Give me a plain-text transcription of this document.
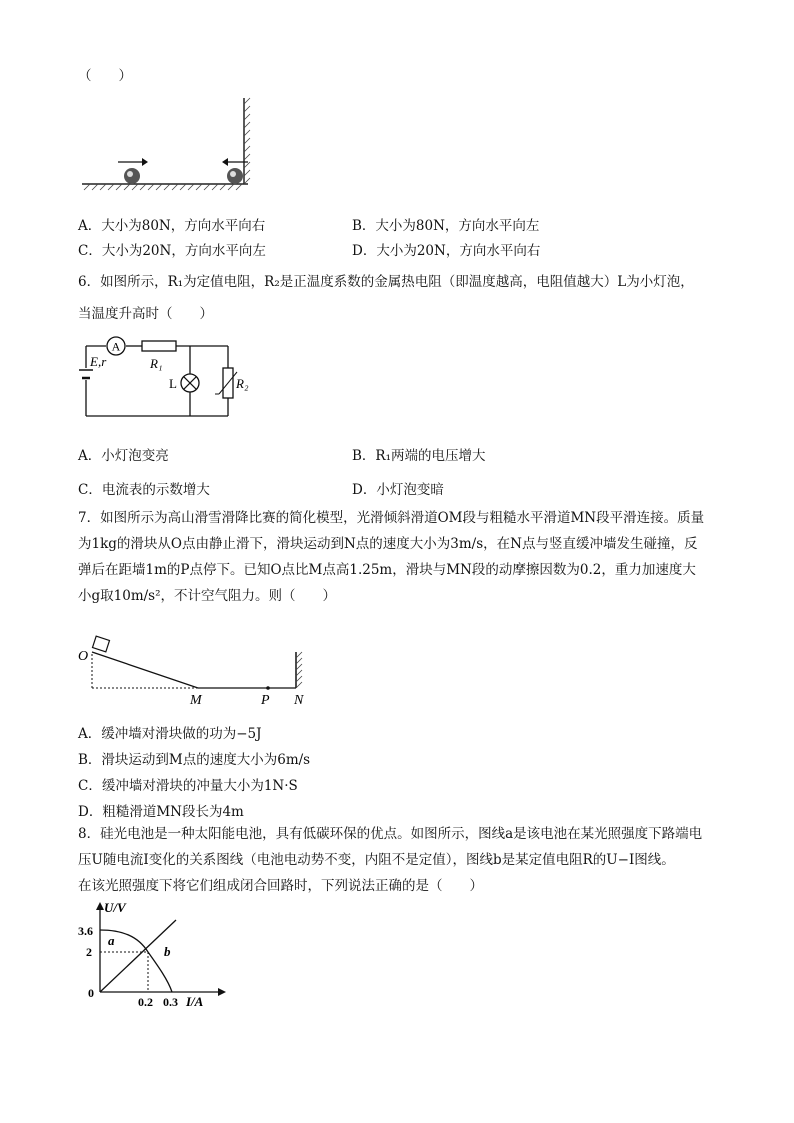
（　　）
A．大小为80N，方向水平向右	B．大小为80N，方向水平向左
C．大小为20N，方向水平向左	D．大小为20N，方向水平向右
6．如图所示，R₁为定值电阻，R₂是正温度系数的金属热电阻（即温度越高，电阻值越大）L为小灯泡，
当温度升高时（　　）
A
R₁
E,r
L	R₂
A．小灯泡变亮	B．R₁两端的电压增大
C．电流表的示数增大	D．小灯泡变暗
7．如图所示为高山滑雪滑降比赛的简化模型，光滑倾斜滑道OM段与粗糙水平滑道MN段平滑连接。质量
为1kg的滑块从O点由静止滑下，滑块运动到N点的速度大小为3m/s，在N点与竖直缓冲墙发生碰撞，反
弹后在距墙1m的P点停下。已知O点比M点高1.25m，滑块与MN段的动摩擦因数为0.2，重力加速度大
小g取10m/s²，不计空气阻力。则（　　）
O
M	P N
A．缓冲墙对滑块做的功为−5J
B．滑块运动到M点的速度大小为6m/s
C．缓冲墙对滑块的冲量大小为1N·S
D．粗糙滑道MN段长为4m
8．硅光电池是一种太阳能电池，具有低碳环保的优点。如图所示，图线a是该电池在某光照强度下路端电
压U随电流I变化的关系图线（电池电动势不变，内阻不是定值），图线b是某定值电阻R的U−I图线。
在该光照强度下将它们组成闭合回路时，下列说法正确的是（　　）
U/V
3.6
2
0
0.2 0.3 I/A
a
b
